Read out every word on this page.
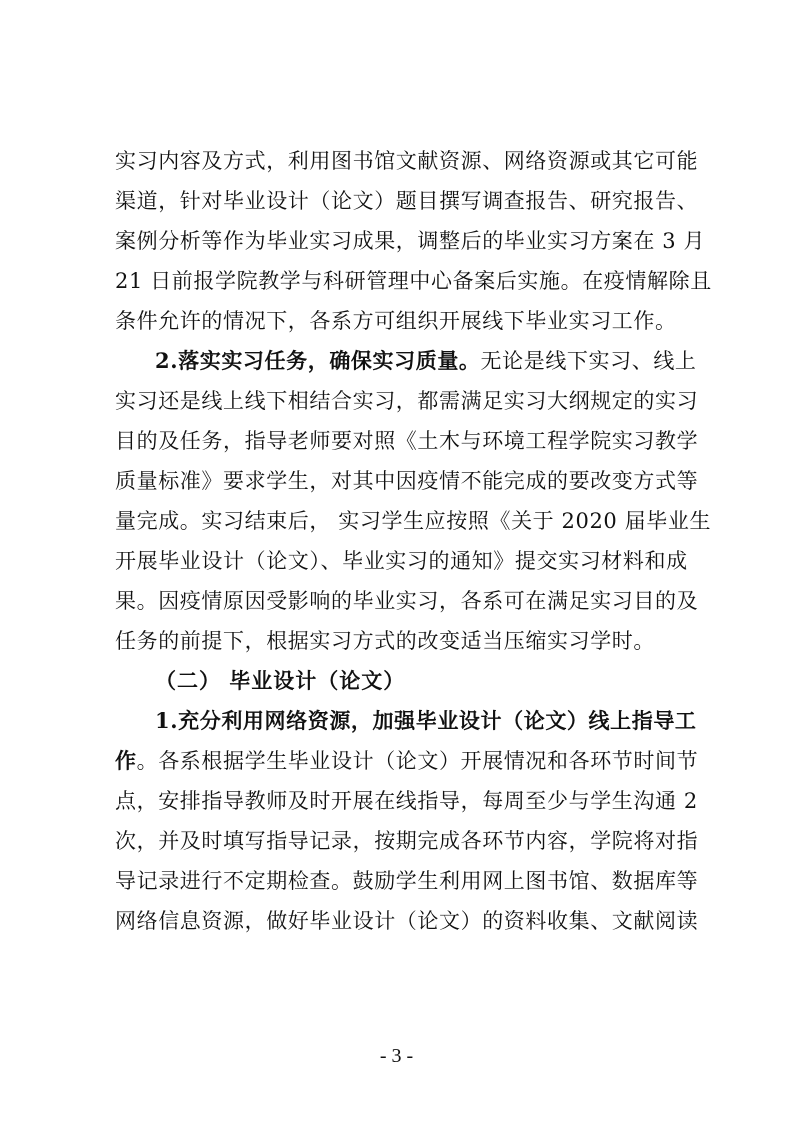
实习内容及方式，利用图书馆文献资源、网络资源或其它可能
渠道，针对毕业设计（论文）题目撰写调查报告、研究报告、
案例分析等作为毕业实习成果，调整后的毕业实习方案在 3 月
21 日前报学院教学与科研管理中心备案后实施。在疫情解除且
条件允许的情况下，各系方可组织开展线下毕业实习工作。
2.落实实习任务，确保实习质量。无论是线下实习、线上
实习还是线上线下相结合实习，都需满足实习大纲规定的实习
目的及任务，指导老师要对照《土木与环境工程学院实习教学
质量标准》要求学生，对其中因疫情不能完成的要改变方式等
量完成。实习结束后， 实习学生应按照《关于 2020 届毕业生
开展毕业设计（论文）、毕业实习的通知》提交实习材料和成
果。因疫情原因受影响的毕业实习，各系可在满足实习目的及
任务的前提下，根据实习方式的改变适当压缩实习学时。
（二） 毕业设计（论文）
1.充分利用网络资源，加强毕业设计（论文）线上指导工
作。各系根据学生毕业设计（论文）开展情况和各环节时间节
点，安排指导教师及时开展在线指导，每周至少与学生沟通 2
次，并及时填写指导记录，按期完成各环节内容，学院将对指
导记录进行不定期检查。鼓励学生利用网上图书馆、数据库等
网络信息资源，做好毕业设计（论文）的资料收集、文献阅读
- 3 -
